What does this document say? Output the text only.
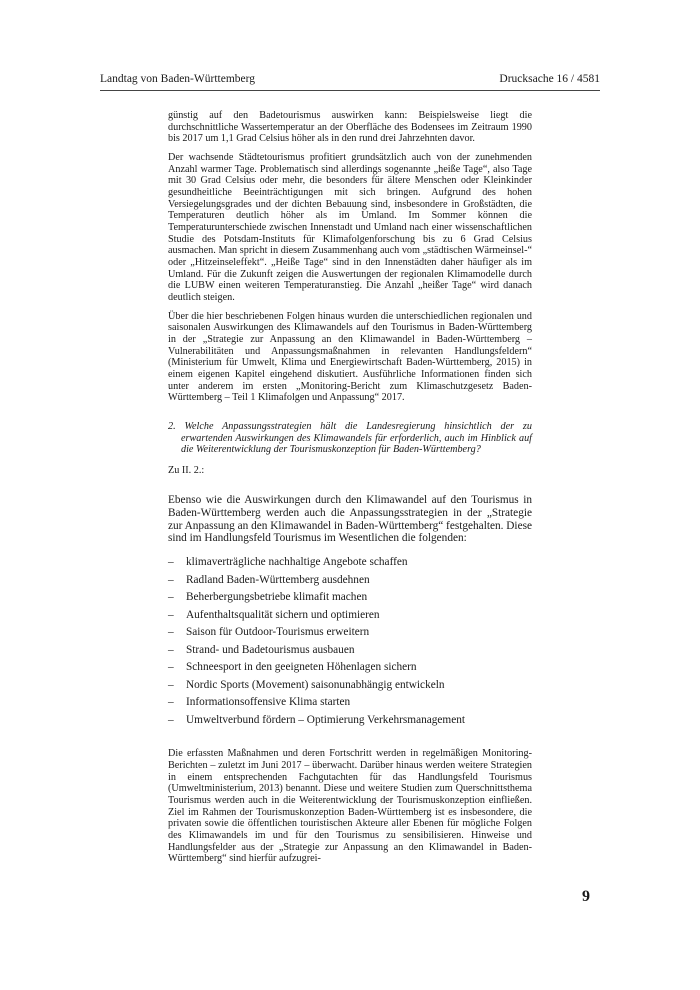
Landtag von Baden-Württemberg	Drucksache 16 / 4581

günstig auf den Badetourismus auswirken kann: Beispielsweise liegt die durchschnittliche Wassertemperatur an der Oberfläche des Bodensees im Zeitraum 1990 bis 2017 um 1,1 Grad Celsius höher als in den rund drei Jahrzehnten davor.

Der wachsende Städtetourismus profitiert grundsätzlich auch von der zunehmenden Anzahl warmer Tage. Problematisch sind allerdings sogenannte „heiße Tage“, also Tage mit 30 Grad Celsius oder mehr, die besonders für ältere Menschen oder Kleinkinder gesundheitliche Beeinträchtigungen mit sich bringen. Aufgrund des hohen Versiegelungsgrades und der dichten Bebauung sind, insbesondere in Großstädten, die Temperaturen deutlich höher als im Umland. Im Sommer können die Temperaturunterschiede zwischen Innenstadt und Umland nach einer wissenschaftlichen Studie des Potsdam-Instituts für Klimafolgenforschung bis zu 6 Grad Celsius ausmachen. Man spricht in diesem Zusammenhang auch vom „städtischen Wärmeinsel-“ oder „Hitzeinseleffekt“. „Heiße Tage“ sind in den Innenstädten daher häufiger als im Umland. Für die Zukunft zeigen die Auswertungen der regionalen Klimamodelle durch die LUBW einen weiteren Temperaturanstieg. Die Anzahl „heißer Tage“ wird danach deutlich steigen.

Über die hier beschriebenen Folgen hinaus wurden die unterschiedlichen regionalen und saisonalen Auswirkungen des Klimawandels auf den Tourismus in Baden-Württemberg in der „Strategie zur Anpassung an den Klimawandel in Baden-Württemberg – Vulnerabilitäten und Anpassungsmaßnahmen in relevanten Handlungsfeldern“ (Ministerium für Umwelt, Klima und Energiewirtschaft Baden-Württemberg, 2015) in einem eigenen Kapitel eingehend diskutiert. Ausführliche Informationen finden sich unter anderem im ersten „Monitoring-Bericht zum Klimaschutzgesetz Baden-Württemberg – Teil 1 Klimafolgen und Anpassung“ 2017.

2. Welche Anpassungsstrategien hält die Landesregierung hinsichtlich der zu erwartenden Auswirkungen des Klimawandels für erforderlich, auch im Hinblick auf die Weiterentwicklung der Tourismuskonzeption für Baden-Württemberg?

Zu II. 2.:

Ebenso wie die Auswirkungen durch den Klimawandel auf den Tourismus in Baden-Württemberg werden auch die Anpassungsstrategien in der „Strategie zur Anpassung an den Klimawandel in Baden-Württemberg“ festgehalten. Diese sind im Handlungsfeld Tourismus im Wesentlichen die folgenden:

– klimaverträgliche nachhaltige Angebote schaffen
– Radland Baden-Württemberg ausdehnen
– Beherbergungsbetriebe klimafit machen
– Aufenthaltsqualität sichern und optimieren
– Saison für Outdoor-Tourismus erweitern
– Strand- und Badetourismus ausbauen
– Schneesport in den geeigneten Höhenlagen sichern
– Nordic Sports (Movement) saisonunabhängig entwickeln
– Informationsoffensive Klima starten
– Umweltverbund fördern – Optimierung Verkehrsmanagement

Die erfassten Maßnahmen und deren Fortschritt werden in regelmäßigen Monitoring-Berichten – zuletzt im Juni 2017 – überwacht. Darüber hinaus werden weitere Strategien in einem entsprechenden Fachgutachten für das Handlungsfeld Tourismus (Umweltministerium, 2013) benannt. Diese und weitere Studien zum Querschnittsthema Tourismus werden auch in die Weiterentwicklung der Tourismuskonzeption einfließen. Ziel im Rahmen der Tourismuskonzeption Baden-Württemberg ist es insbesondere, die privaten sowie die öffentlichen touristischen Akteure aller Ebenen für mögliche Folgen des Klimawandels im und für den Tourismus zu sensibilisieren. Hinweise und Handlungsfelder aus der „Strategie zur Anpassung an den Klimawandel in Baden-Württemberg“ sind hierfür aufzugrei-

9
